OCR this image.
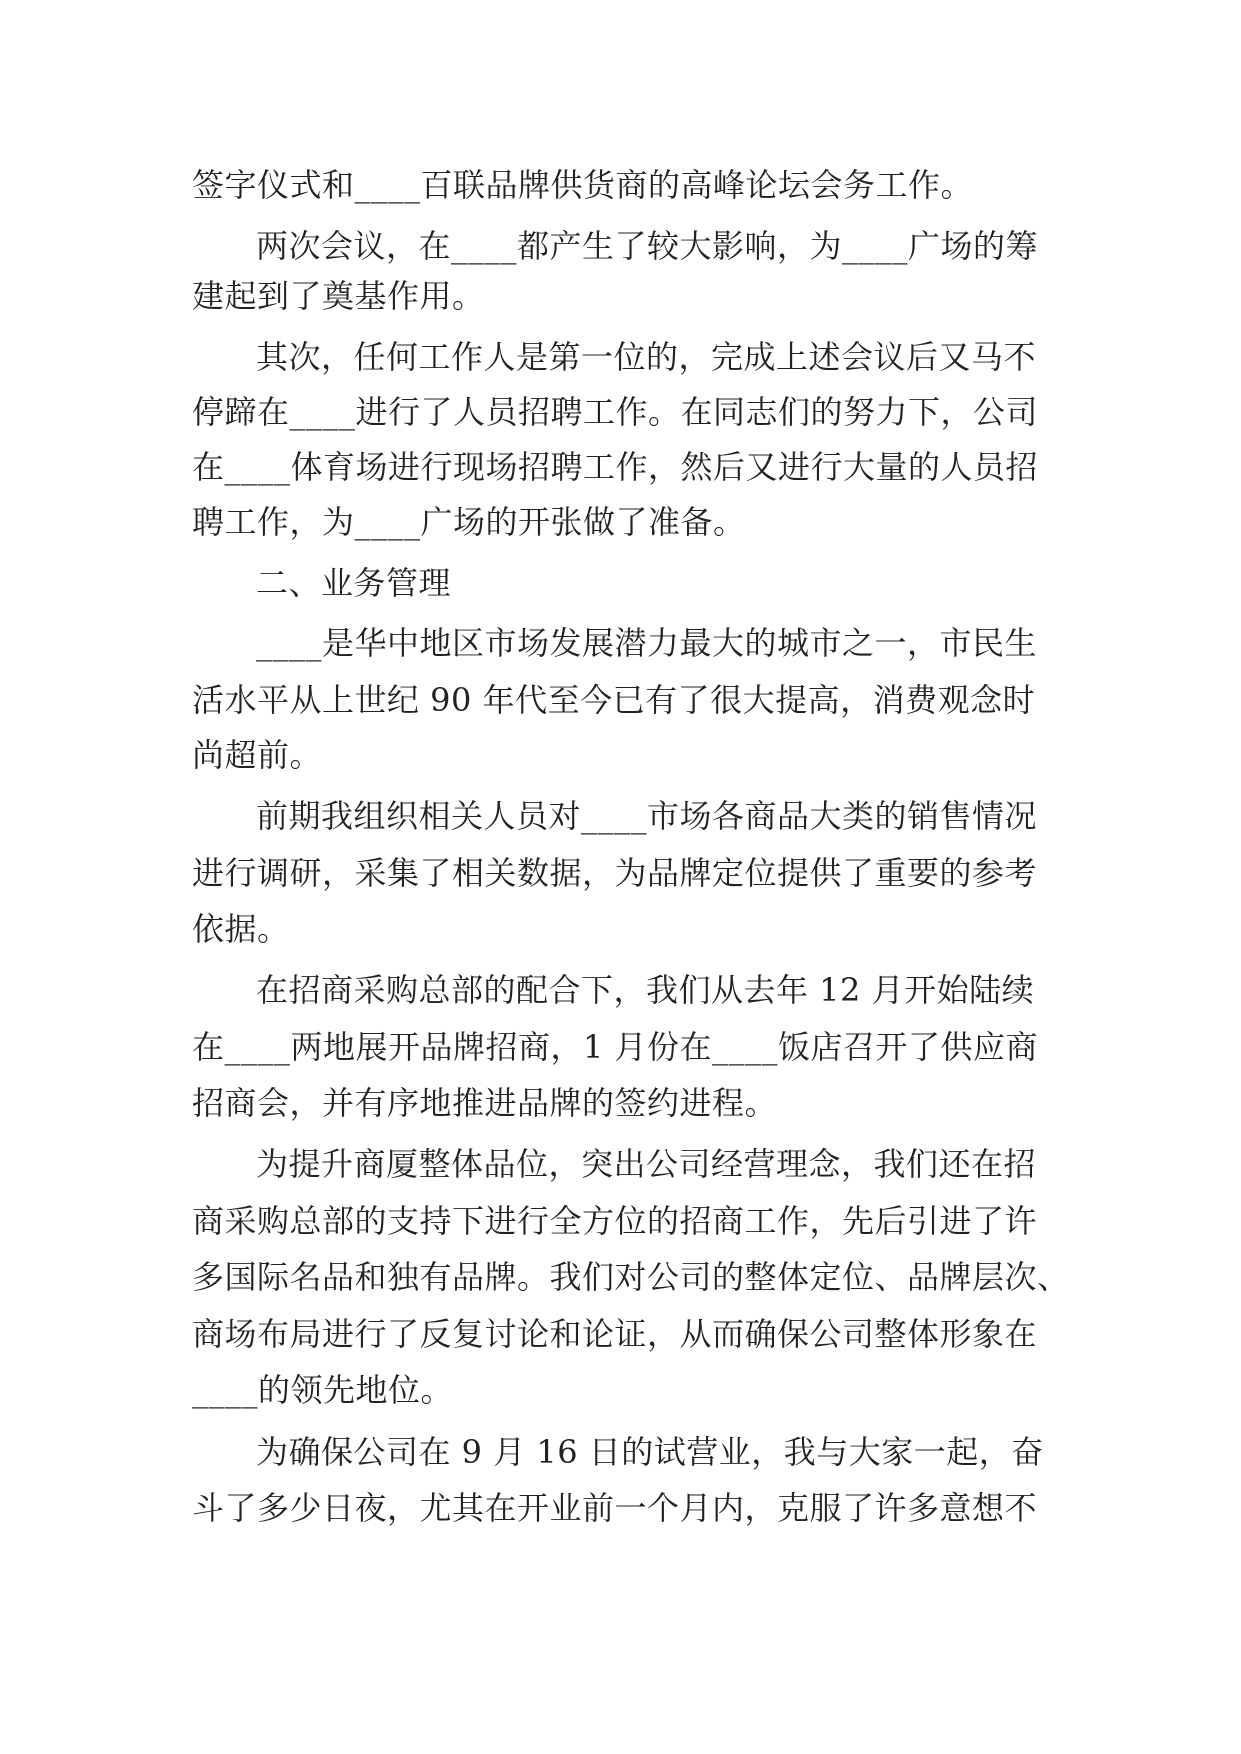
签字仪式和____百联品牌供货商的高峰论坛会务工作。
两次会议，在____都产生了较大影响，为____广场的筹
建起到了奠基作用。
其次，任何工作人是第一位的，完成上述会议后又马不
停蹄在____进行了人员招聘工作。在同志们的努力下，公司
在____体育场进行现场招聘工作，然后又进行大量的人员招
聘工作，为____广场的开张做了准备。
二、业务管理
____是华中地区市场发展潜力最大的城市之一，市民生
活水平从上世纪 90 年代至今已有了很大提高，消费观念时
尚超前。
前期我组织相关人员对____市场各商品大类的销售情况
进行调研，采集了相关数据，为品牌定位提供了重要的参考
依据。
在招商采购总部的配合下，我们从去年 12 月开始陆续
在____两地展开品牌招商，1 月份在____饭店召开了供应商
招商会，并有序地推进品牌的签约进程。
为提升商厦整体品位，突出公司经营理念，我们还在招
商采购总部的支持下进行全方位的招商工作，先后引进了许
多国际名品和独有品牌。我们对公司的整体定位、品牌层次、
商场布局进行了反复讨论和论证，从而确保公司整体形象在
____的领先地位。
为确保公司在 9 月 16 日的试营业，我与大家一起，奋
斗了多少日夜，尤其在开业前一个月内，克服了许多意想不
